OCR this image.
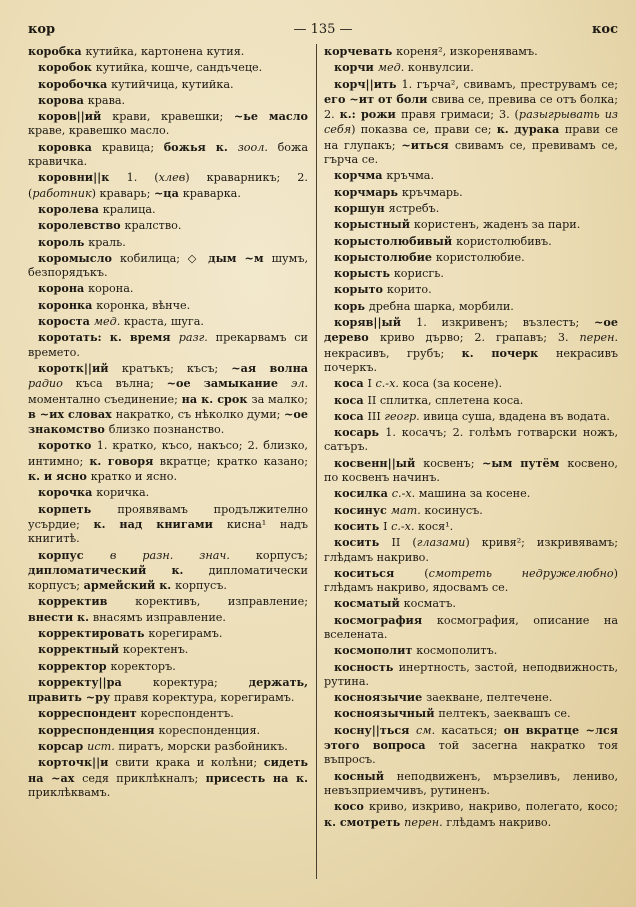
кор	— 135 —	кос

коробка кутийка, картонена кутия.

коробок кутийка, кошче, сандъчеце.

коробочка кутийчица, кутийка.

корова крава.

коров||ий крави, кравешки; ~ье масло краве, кравешко масло.

коровка кравица; божья к. зоол. божа кравичка.

коровни||к 1. (хлев) краварникъ; 2. (работник) краварь; ~ца краварка.

королева кралица.

королевство кралство.

король краль.

коромысло кобилица; ◇ дым ~м шумъ, безпорядъкъ.

корона корона.

коронка коронка, вѣнче.

короста мед. краста, шуга.

коротать: к. время разг. прекарвамъ си времето.

коротк||ий кратъкъ; късъ; ~ая волна радио къса вълна; ~ое замыкание эл. моментално съединение; на к. срок за малко; в ~их словах накратко, съ нѣколко думи; ~ое знакомство близко познанство.

коротко 1. кратко, късо, накъсо; 2. близко, интимно; к. говоря вкратце; кратко казано; к. и ясно кратко и ясно.

корочка коричка.

корпеть проявявамъ продължително усърдие; к. над книгами кисна¹ надъ книгитѣ.

корпус в разн. знач. корпусъ; дипломатический к. дипломатически корпусъ; армейский к. корпусъ.

корректив корективъ, изправление; внести к. внасямъ изправление.

корректировать корегирамъ.

корректный коректенъ.

корректор коректоръ.

корректу||ра коректура; держать, править ~ру правя коректура, корегирамъ.

корреспондент кореспондентъ.

корреспонденция кореспонденция.

корсар ист. пиратъ, морски разбойникъ.

корточк||и свити крака и колѣни; сидеть на ~ах седя приклѣкналъ; присесть на к. приклѣквамъ.

корчевать кореня², изкоренявамъ.

корчи мед. конвулсии.

корч||ить 1. гърча², свивамъ, преструвамъ се; его ~ит от боли свива се, превива се отъ болка; 2. к.: рожи правя гримаси; 3. (разыгрывать из себя) показва се, прави се; к. дурака прави се на глупакъ; ~иться свивамъ се, превивамъ се, гърча се.

корчма кръчма.

корчмарь кръчмарь.

коршун ястребъ.

корыстный користенъ, жаденъ за пари.

корыстолюбивый користолюбивъ.

корыстолюбие користолюбие.

корысть корисгь.

корыто корито.

корь дребна шарка, морбили.

коряв||ый 1. изкривенъ; възлестъ; ~ое дерево криво дърво; 2. грапавъ; 3. перен. некрасивъ, грубъ; к. почерк некрасивъ почеркъ.

коса I с.-х. коса (за косене).

коса II сплитка, сплетена коса.

коса III геогр. ивица суша, вдадена въ водата.

косарь 1. косачъ; 2. голѣмъ готварски ножъ, сатъръ.

косвенн||ый косвенъ; ~ым путём косвено, по косвенъ начинъ.

косилка с.-х. машина за косене.

косинус мат. косинусъ.

косить I с.-х. кося¹.

косить II (глазами) кривя²; изкривявамъ; глѣдамъ накриво.

коситься (смотреть недружелюбно) глѣдамъ накриво, ядосвамъ се.

косматый косматъ.

космография космография, описание на вселената.

космополит космополитъ.

косность инертность, застой, неподвижность, рутина.

косноязычие заекване, пелтечене.

косноязычный пелтекъ, заеквашъ се.

косну||ться см. касаться; он вкратце ~лся этого вопроса той засегна накратко тоя въпросъ.

косный неподвиженъ, мързеливъ, лениво, невъзприемчивъ, рутиненъ.

косо криво, изкриво, накриво, полегато, косо; к. смотреть перен. глѣдамъ накриво.
